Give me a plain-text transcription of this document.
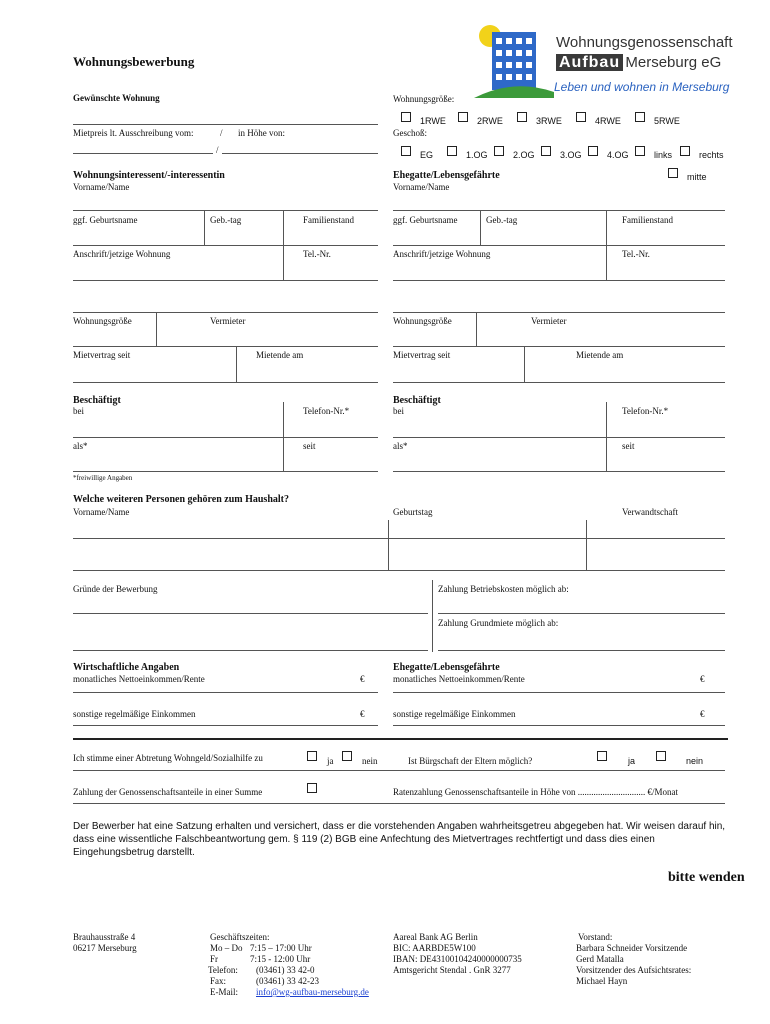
Wohnungsgenossenschaft
Aufbau Merseburg eG
Leben und wohnen in Merseburg
Wohnungsbewerbung
Gewünschte Wohnung
Mietpreis lt. Ausschreibung vom:	/ in Höhe von:
/
Wohnungsgröße:
1RWE	2RWE	3RWE	4RWE	5RWE
Geschoß:
EG	1.OG	2.OG	3.OG	4.OG	links	rechts
mitte
Wohnungsinteressent/-interessentin
Vorname/Name
ggf. Geburtsname	Geb.-tag	Familienstand
Anschrift/jetzige Wohnung	Tel.-Nr.
Wohnungsgröße	Vermieter
Mietvertrag seit	Mietende am
Beschäftigt
bei	Telefon-Nr.*
als*	seit
*freiwillige Angaben
Ehegatte/Lebensgefährte
Vorname/Name
ggf. Geburtsname	Geb.-tag	Familienstand
Anschrift/jetzige Wohnung	Tel.-Nr.
Wohnungsgröße	Vermieter
Mietvertrag seit	Mietende am
Beschäftigt
bei	Telefon-Nr.*
als*	seit
Welche weiteren Personen gehören zum Haushalt?
Vorname/Name	Geburtstag	Verwandtschaft
Gründe der Bewerbung	Zahlung Betriebskosten möglich ab:
Zahlung Grundmiete möglich ab:
Wirtschaftliche Angaben
monatliches Nettoeinkommen/Rente	€
sonstige regelmäßige Einkommen	€
Ehegatte/Lebensgefährte
monatliches Nettoeinkommen/Rente	€
sonstige regelmäßige Einkommen	€
Ich stimme einer Abtretung Wohngeld/Sozialhilfe zu	ja	nein	Ist Bürgschaft der Eltern möglich?	ja	nein
Zahlung der Genossenschaftsanteile in einer Summe	Ratenzahlung Genossenschaftsanteile in Höhe von .............................. €/Monat
Der Bewerber hat eine Satzung erhalten und versichert, dass er die vorstehenden Angaben wahrheitsgetreu abgegeben hat. Wir weisen darauf hin, dass eine wissentliche Falschbeantwortung gem. § 119 (2) BGB eine Anfechtung des Mietvertrages rechtfertigt und dass dies einen Eingehungsbetrug darstellt.
bitte wenden
Brauhausstraße 4
06217 Merseburg
Geschäftszeiten:
Mo – Do 7:15 – 17:00 Uhr
Fr	7:15 - 12:00 Uhr
Telefon: (03461) 33 42-0
Fax:	(03461) 33 42-23
E-Mail: info@wg-aufbau-merseburg.de
Aareal Bank AG Berlin
BIC: AARBDE5W100
IBAN: DE43100104240000000735
Amtsgericht Stendal . GnR 3277
Vorstand:
Barbara Schneider Vorsitzende
Gerd Matalla
Vorsitzender des Aufsichtsrates:
Michael Hayn
